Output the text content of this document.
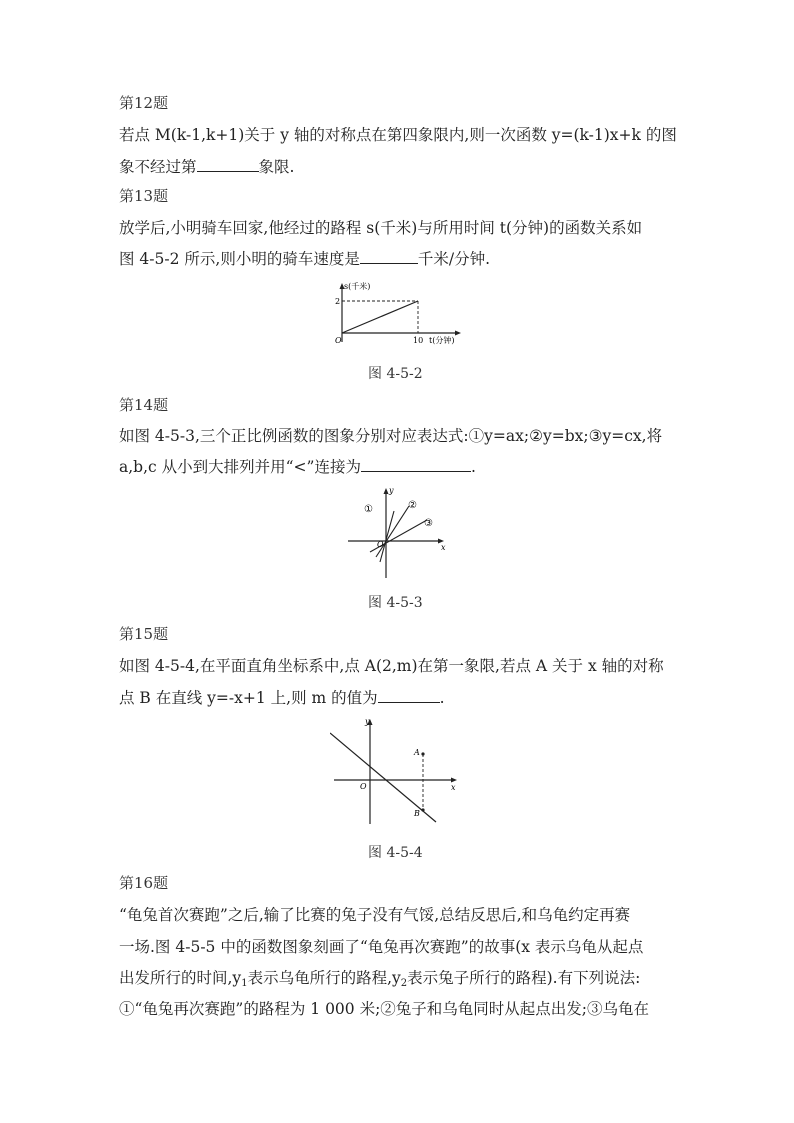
第12题
若点 M(k-1,k+1)关于 y 轴的对称点在第四象限内,则一次函数 y=(k-1)x+k 的图
象不经过第	象限.
第13题
放学后,小明骑车回家,他经过的路程 s(千米)与所用时间 t(分钟)的函数关系如
图 4-5-2 所示,则小明的骑车速度是	千米/分钟.
s(千米)
2
O	10 t(分钟)
图 4-5-2
第14题
如图 4-5-3,三个正比例函数的图象分别对应表达式:①y=ax;②y=bx;③y=cx,将
a,b,c 从小到大排列并用“<”连接为	.
y
x
O
①	②
③
图 4-5-3
第15题
如图 4-5-4,在平面直角坐标系中,点 A(2,m)在第一象限,若点 A 关于 x 轴的对称
点 B 在直线 y=-x+1 上,则 m 的值为	.
y
x
O
A
B
图 4-5-4
第16题
“龟兔首次赛跑”之后,输了比赛的兔子没有气馁,总结反思后,和乌龟约定再赛
一场.图 4-5-5 中的函数图象刻画了“龟兔再次赛跑”的故事(x 表示乌龟从起点
出发所行的时间$,y_1$表示乌龟所行的路程$,y_2$表示兔子所行的路程).有下列说法:
①“龟兔再次赛跑”的路程为 1 000 米;②兔子和乌龟同时从起点出发;③乌龟在
